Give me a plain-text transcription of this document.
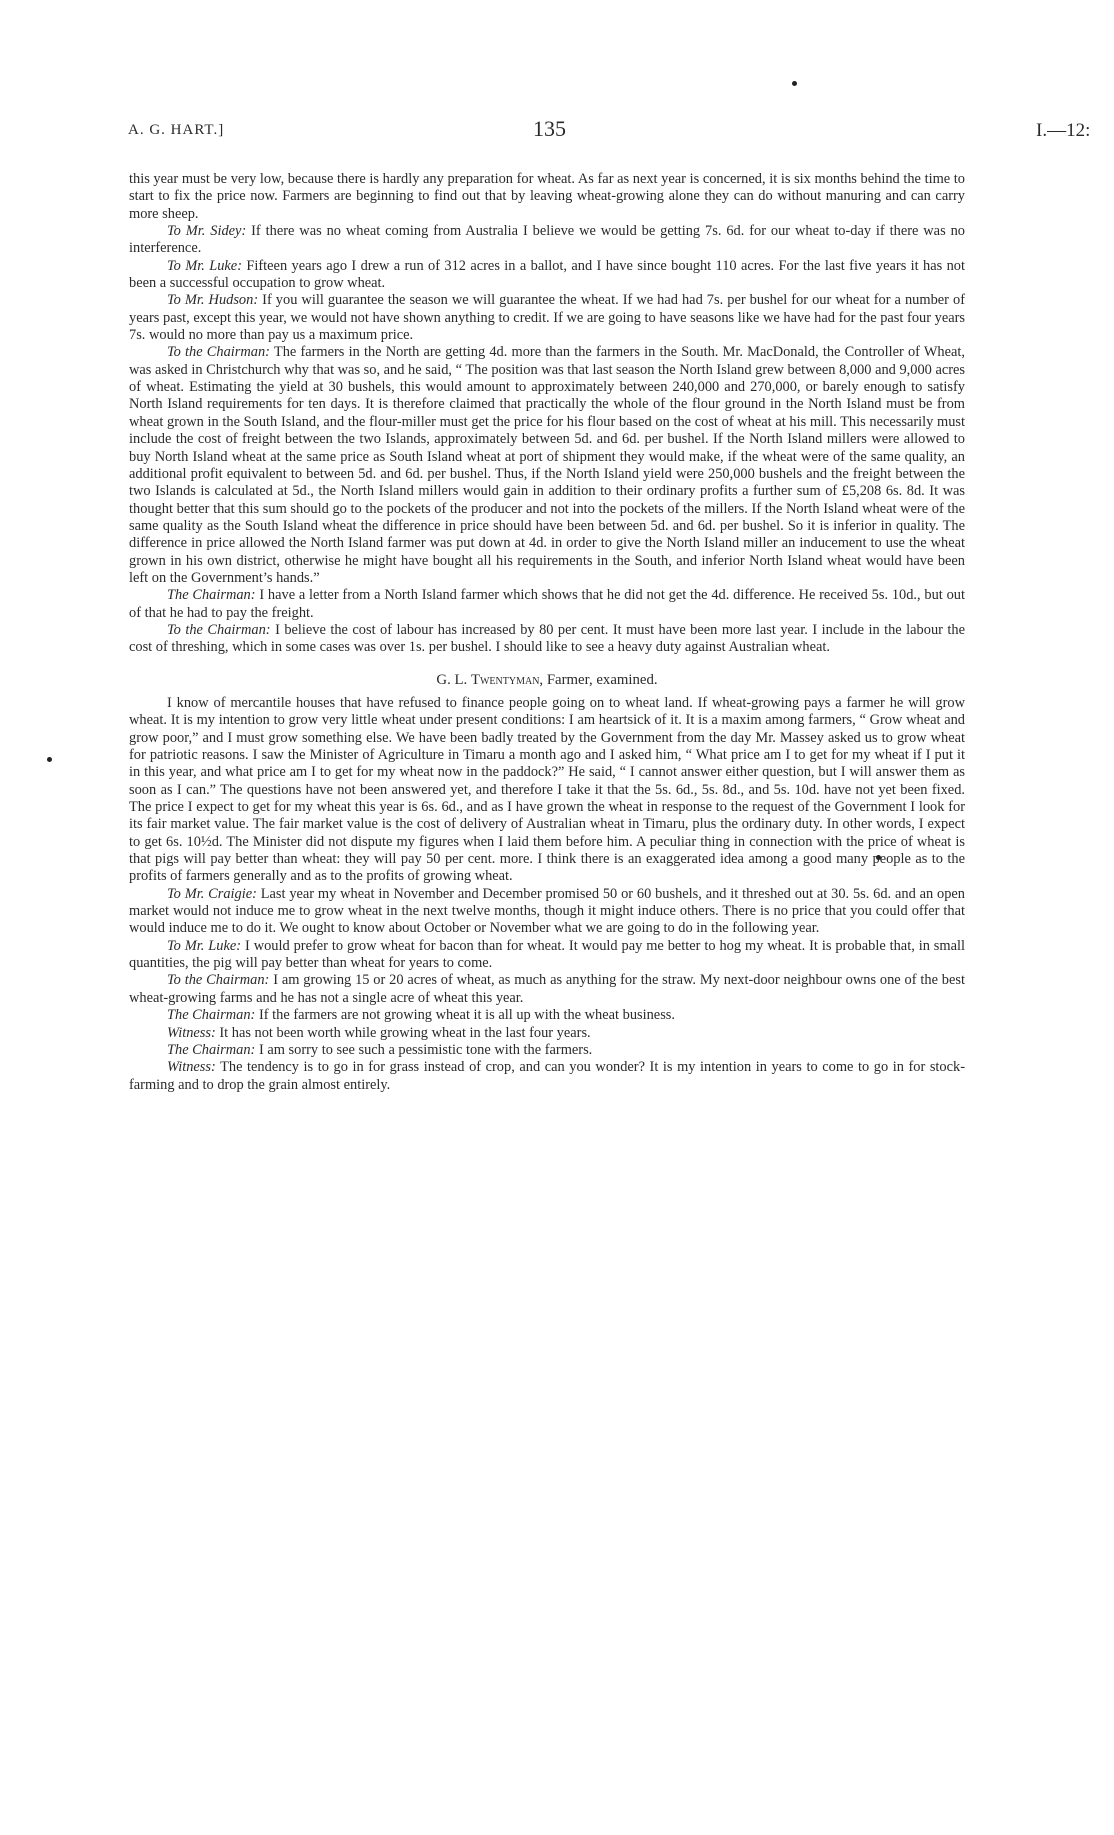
A. G. HART.]	135	I.—12:

this year must be very low, because there is hardly any preparation for wheat. As far as next year is concerned, it is six months behind the time to start to fix the price now. Farmers are beginning to find out that by leaving wheat-growing alone they can do without manuring and can carry more sheep.

To Mr. Sidey: If there was no wheat coming from Australia I believe we would be getting 7s. 6d. for our wheat to-day if there was no interference.

To Mr. Luke: Fifteen years ago I drew a run of 312 acres in a ballot, and I have since bought 110 acres. For the last five years it has not been a successful occupation to grow wheat.

To Mr. Hudson: If you will guarantee the season we will guarantee the wheat. If we had had 7s. per bushel for our wheat for a number of years past, except this year, we would not have shown anything to credit. If we are going to have seasons like we have had for the past four years 7s. would no more than pay us a maximum price.

To the Chairman: The farmers in the North are getting 4d. more than the farmers in the South. Mr. MacDonald, the Controller of Wheat, was asked in Christchurch why that was so, and he said, “ The position was that last season the North Island grew between 8,000 and 9,000 acres of wheat. Estimating the yield at 30 bushels, this would amount to approximately between 240,000 and 270,000, or barely enough to satisfy North Island requirements for ten days. It is therefore claimed that practically the whole of the flour ground in the North Island must be from wheat grown in the South Island, and the flour-miller must get the price for his flour based on the cost of wheat at his mill. This necessarily must include the cost of freight between the two Islands, approximately between 5d. and 6d. per bushel. If the North Island millers were allowed to buy North Island wheat at the same price as South Island wheat at port of shipment they would make, if the wheat were of the same quality, an additional profit equivalent to between 5d. and 6d. per bushel. Thus, if the North Island yield were 250,000 bushels and the freight between the two Islands is calculated at 5d., the North Island millers would gain in addition to their ordinary profits a further sum of £5,208 6s. 8d. It was thought better that this sum should go to the pockets of the producer and not into the pockets of the millers. If the North Island wheat were of the same quality as the South Island wheat the difference in price should have been between 5d. and 6d. per bushel. So it is inferior in quality. The difference in price allowed the North Island farmer was put down at 4d. in order to give the North Island miller an inducement to use the wheat grown in his own district, otherwise he might have bought all his requirements in the South, and inferior North Island wheat would have been left on the Government’s hands.”

The Chairman: I have a letter from a North Island farmer which shows that he did not get the 4d. difference. He received 5s. 10d., but out of that he had to pay the freight.

To the Chairman: I believe the cost of labour has increased by 80 per cent. It must have been more last year. I include in the labour the cost of threshing, which in some cases was over 1s. per bushel. I should like to see a heavy duty against Australian wheat.

G. L. Twentyman, Farmer, examined.

I know of mercantile houses that have refused to finance people going on to wheat land. If wheat-growing pays a farmer he will grow wheat. It is my intention to grow very little wheat under present conditions: I am heartsick of it. It is a maxim among farmers, “ Grow wheat and grow poor,” and I must grow something else. We have been badly treated by the Government from the day Mr. Massey asked us to grow wheat for patriotic reasons. I saw the Minister of Agriculture in Timaru a month ago and I asked him, “ What price am I to get for my wheat if I put it in this year, and what price am I to get for my wheat now in the paddock?” He said, “ I cannot answer either question, but I will answer them as soon as I can.” The questions have not been answered yet, and therefore I take it that the 5s. 6d., 5s. 8d., and 5s. 10d. have not yet been fixed. The price I expect to get for my wheat this year is 6s. 6d., and as I have grown the wheat in response to the request of the Government I look for its fair market value. The fair market value is the cost of delivery of Australian wheat in Timaru, plus the ordinary duty. In other words, I expect to get 6s. 10½d. The Minister did not dispute my figures when I laid them before him. A peculiar thing in connection with the price of wheat is that pigs will pay better than wheat: they will pay 50 per cent. more. I think there is an exaggerated idea among a good many people as to the profits of farmers generally and as to the profits of growing wheat.

To Mr. Craigie: Last year my wheat in November and December promised 50 or 60 bushels, and it threshed out at 30. 5s. 6d. and an open market would not induce me to grow wheat in the next twelve months, though it might induce others. There is no price that you could offer that would induce me to do it. We ought to know about October or November what we are going to do in the following year.

To Mr. Luke: I would prefer to grow wheat for bacon than for wheat. It would pay me better to hog my wheat. It is probable that, in small quantities, the pig will pay better than wheat for years to come.

To the Chairman: I am growing 15 or 20 acres of wheat, as much as anything for the straw. My next-door neighbour owns one of the best wheat-growing farms and he has not a single acre of wheat this year.

The Chairman: If the farmers are not growing wheat it is all up with the wheat business.

Witness: It has not been worth while growing wheat in the last four years.

The Chairman: I am sorry to see such a pessimistic tone with the farmers.

Witness: The tendency is to go in for grass instead of crop, and can you wonder? It is my intention in years to come to go in for stock-farming and to drop the grain almost entirely.
